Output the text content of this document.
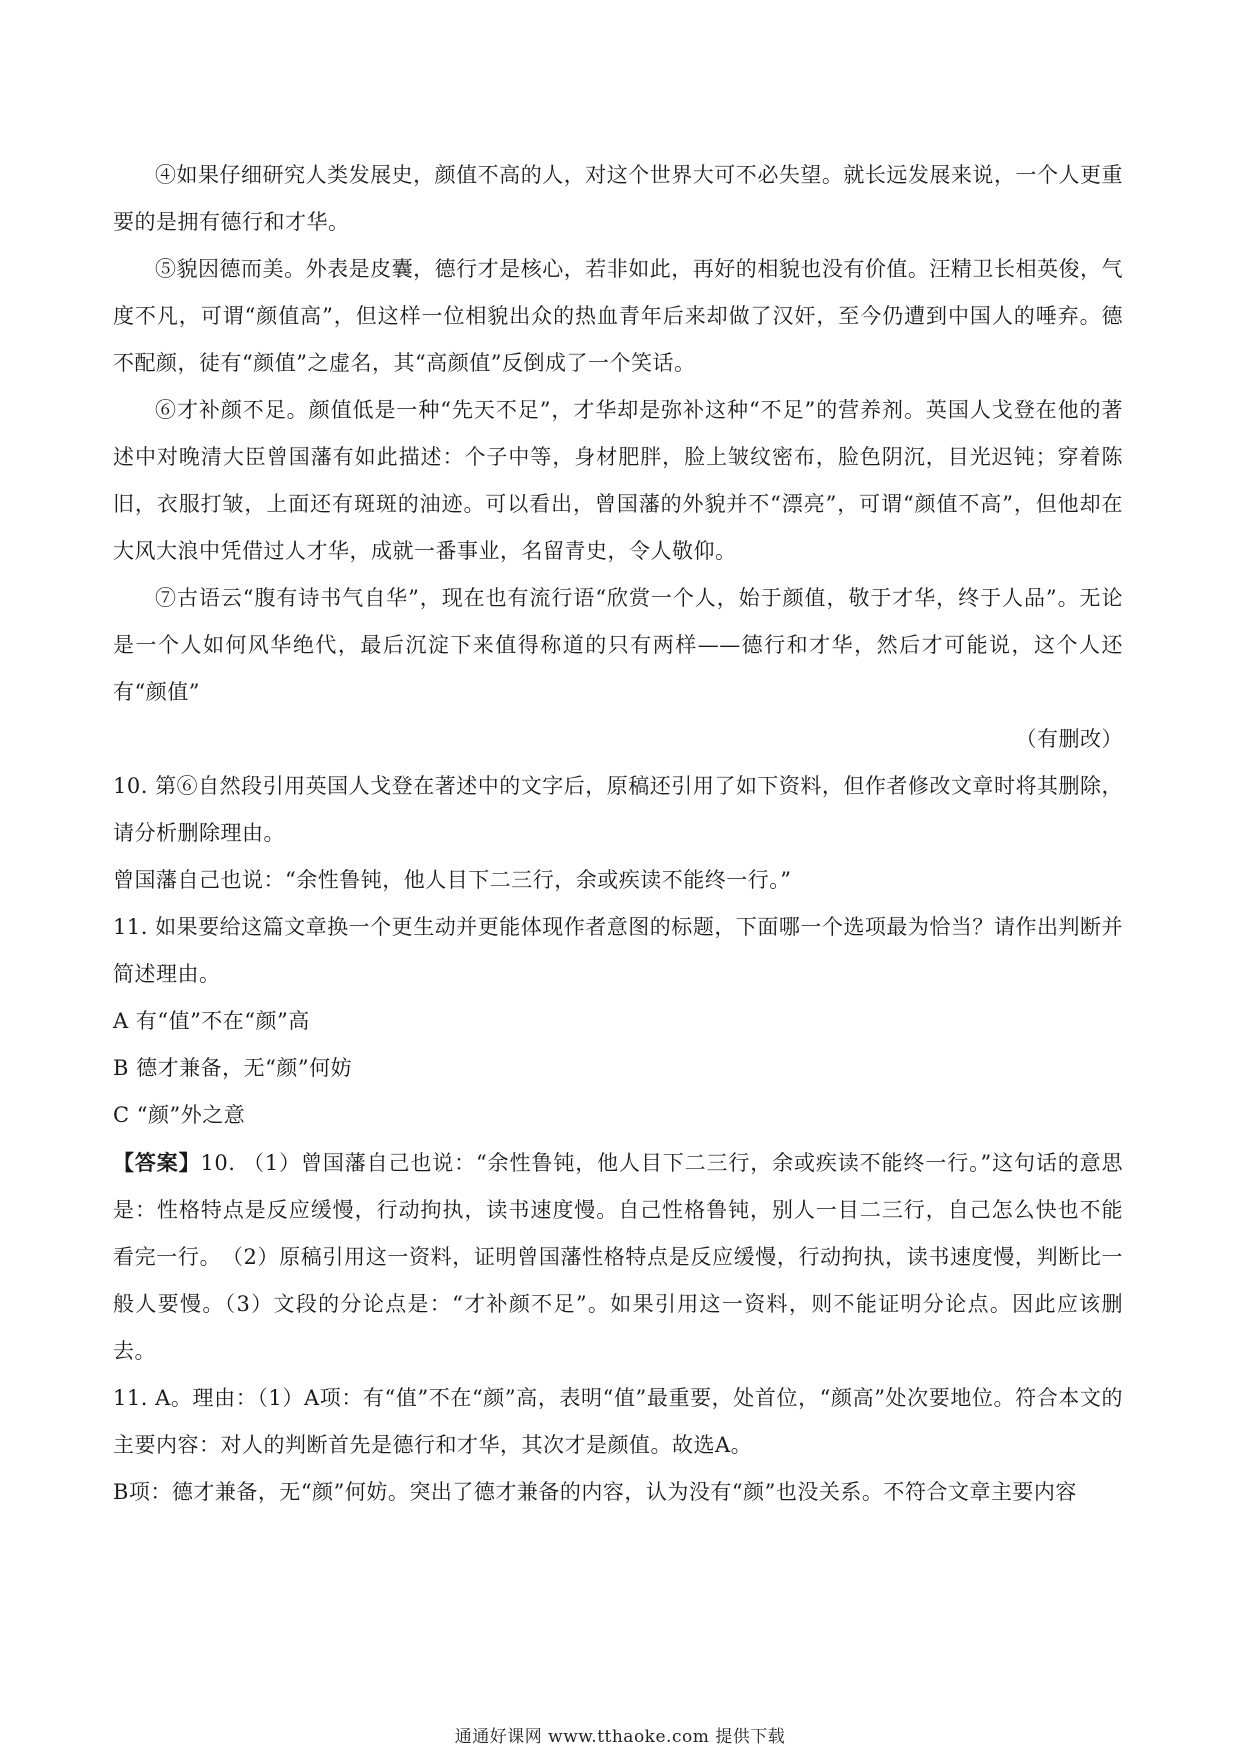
④如果仔细研究人类发展史，颜值不高的人，对这个世界大可不必失望。就长远发展来说，一个人更重要的是拥有德行和才华。

⑤貌因德而美。外表是皮囊，德行才是核心，若非如此，再好的相貌也没有价值。汪精卫长相英俊，气度不凡，可谓“颜值高”，但这样一位相貌出众的热血青年后来却做了汉奸，至今仍遭到中国人的唾弃。德不配颜，徒有“颜值”之虚名，其“高颜值”反倒成了一个笑话。

⑥才补颜不足。颜值低是一种“先天不足”，才华却是弥补这种“不足”的营养剂。英国人戈登在他的著述中对晚清大臣曾国藩有如此描述：个子中等，身材肥胖，脸上皱纹密布，脸色阴沉，目光迟钝；穿着陈旧，衣服打皱，上面还有斑斑的油迹。可以看出，曾国藩的外貌并不“漂亮”，可谓“颜值不高”，但他却在大风大浪中凭借过人才华，成就一番事业，名留青史，令人敬仰。

⑦古语云“腹有诗书气自华”，现在也有流行语“欣赏一个人，始于颜值，敬于才华，终于人品”。无论是一个人如何风华绝代，最后沉淀下来值得称道的只有两样——德行和才华，然后才可能说，这个人还有“颜值”

（有删改）

10. 第⑥自然段引用英国人戈登在著述中的文字后，原稿还引用了如下资料，但作者修改文章时将其删除，请分析删除理由。

曾国藩自己也说：“余性鲁钝，他人目下二三行，余或疾读不能终一行。”

11. 如果要给这篇文章换一个更生动并更能体现作者意图的标题，下面哪一个选项最为恰当？请作出判断并简述理由。

A 有“值”不在“颜”高

B 德才兼备，无“颜”何妨

C “颜”外之意

【答案】10. （1）曾国藩自己也说：“余性鲁钝，他人目下二三行，余或疾读不能终一行。”这句话的意思是：性格特点是反应缓慢，行动拘执，读书速度慢。自己性格鲁钝，别人一目二三行，自己怎么快也不能看完一行。　（2）原稿引用这一资料，证明曾国藩性格特点是反应缓慢，行动拘执，读书速度慢，判断比一般人要慢。（3）文段的分论点是：“才补颜不足”。如果引用这一资料，则不能证明分论点。因此应该删去。

11. A。理由：（1）A项：有“值”不在“颜”高，表明“值”最重要，处首位，“颜高”处次要地位。符合本文的主要内容：对人的判断首先是德行和才华，其次才是颜值。故选A。

B项：德才兼备，无“颜”何妨。突出了德才兼备的内容，认为没有“颜”也没关系。不符合文章主要内容

通通好课网 www.tthaoke.com 提供下载
